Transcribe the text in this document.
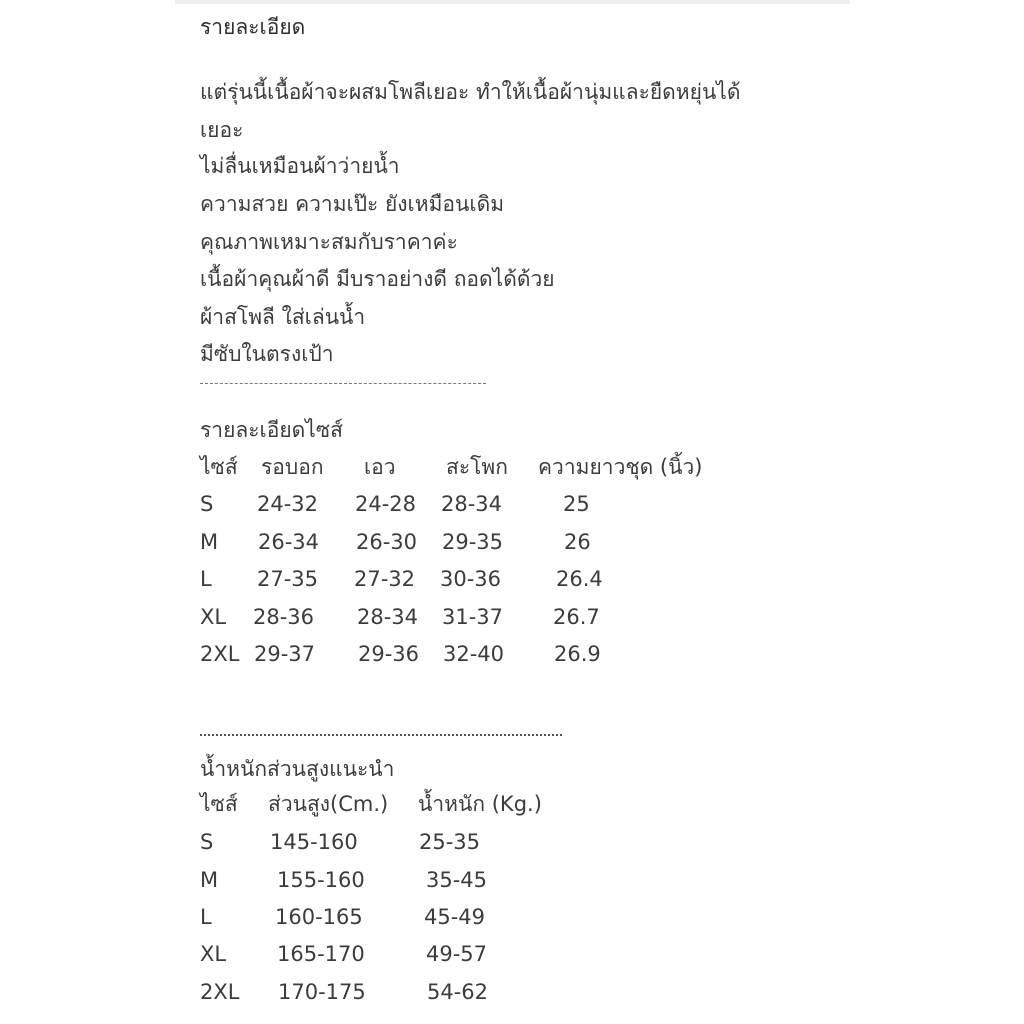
รายละเอียด
แต่รุ่นนี้เนื้อผ้าจะผสมโพลีเยอะ ทำให้เนื้อผ้านุ่มและยืดหยุ่นได้
เยอะ
ไม่ลื่นเหมือนผ้าว่ายน้ำ
ความสวย ความเป๊ะ ยังเหมือนเดิม
คุณภาพเหมาะสมกับราคาค่ะ
เนื้อผ้าคุณผ้าดี มีบราอย่างดี ถอดได้ด้วย
ผ้าสโพลี ใส่เล่นน้ำ
มีซับในตรงเป้า
รายละเอียดไซส์
ไซส์ รอบอก เอว สะโพก ความยาวชุด (นิ้ว)
S 24-32 24-28 28-34	25
M 26-34 26-30 29-35	26
L 27-35 27-32 30-36	26.4
XL 28-36 28-34 31-37 26.7
2XL 29-37 29-36 32-40 26.9
น้ำหนักส่วนสูงแนะนำ
ไซส์ ส่วนสูง(Cm.) น้ำหนัก (Kg.)
S	145-160	25-35
M	155-160	35-45
L	160-165	45-49
XL 165-170	49-57
2XL 170-175	54-62
